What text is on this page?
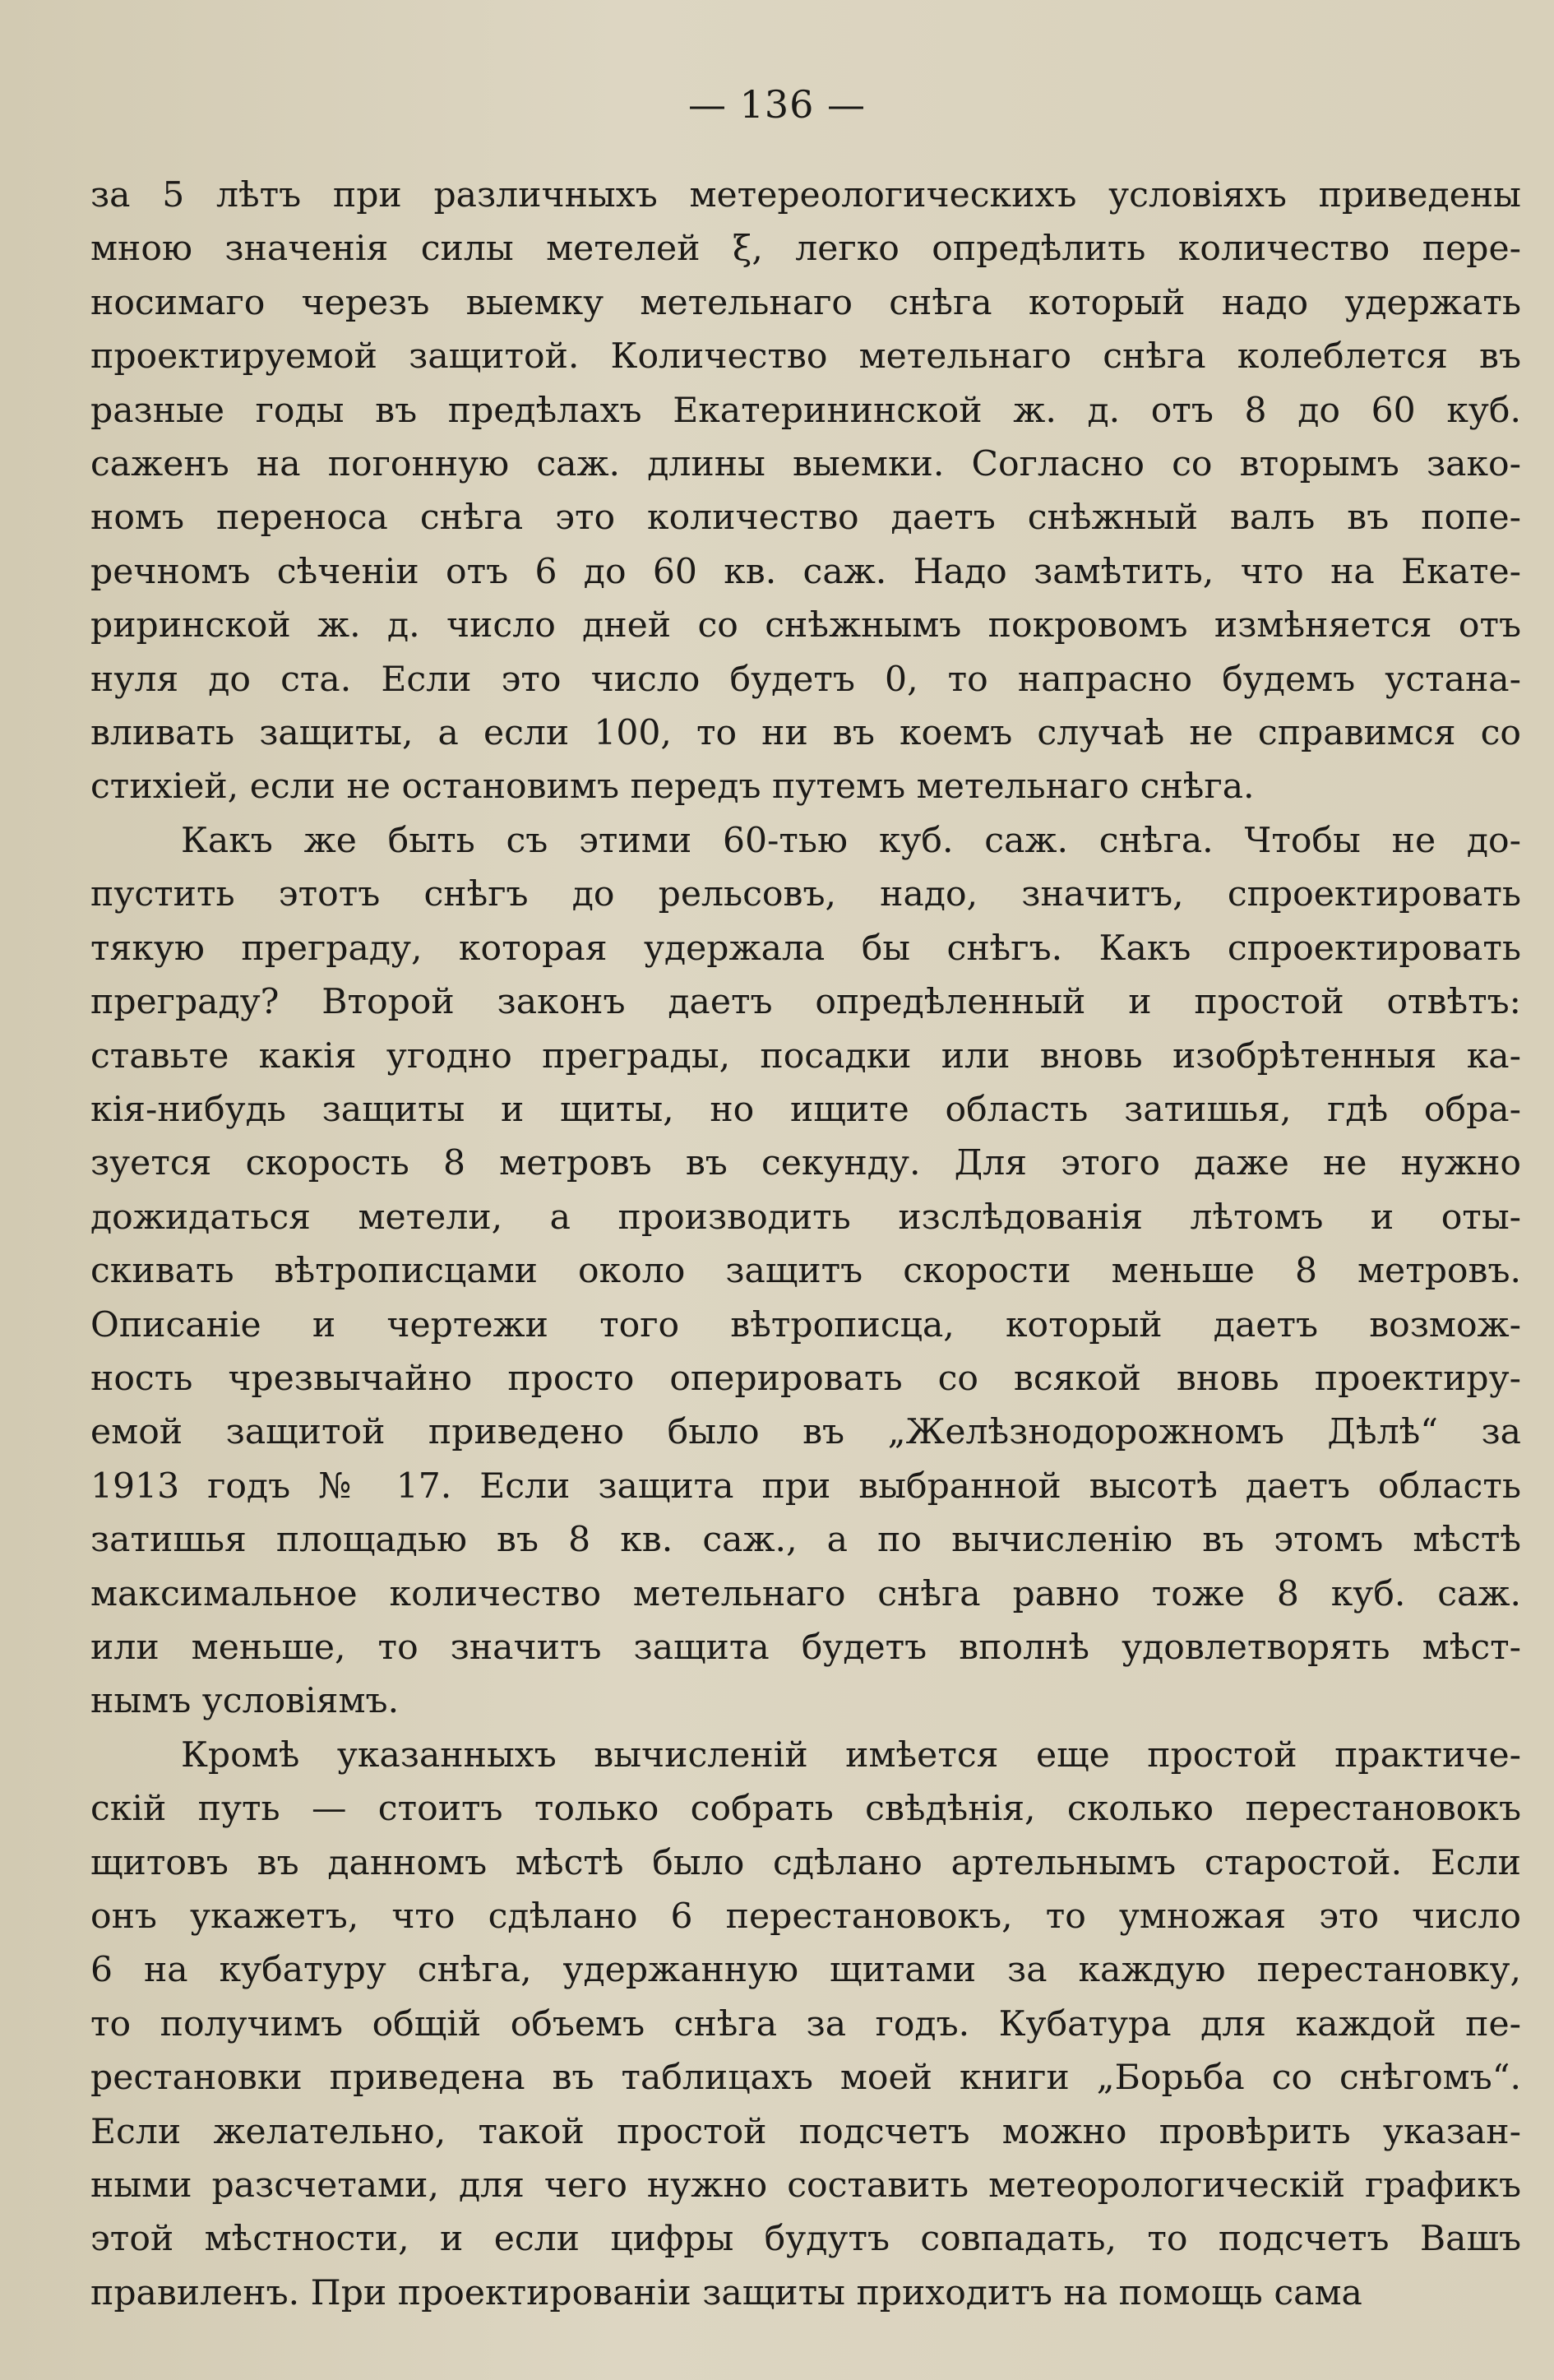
— 136 —
за 5 лѣтъ при различныхъ метереологическихъ условіяхъ приведены
мною значенія силы метелей ξ, легко опредѣлить количество пере-
носимаго черезъ выемку метельнаго снѣга который надо удержать
проектируемой защитой. Количество метельнаго снѣга колеблется въ
разные годы въ предѣлахъ Екатерининской ж. д. отъ 8 до 60 куб.
саженъ на погонную саж. длины выемки. Согласно со вторымъ зако-
номъ переноса снѣга это количество даетъ снѣжный валъ въ попе-
речномъ сѣченіи отъ 6 до 60 кв. саж. Надо замѣтить, что на Екате-
риринской ж. д. число дней со снѣжнымъ покровомъ измѣняется отъ
нуля до ста. Если это число будетъ 0, то напрасно будемъ устана-
вливать защиты, а если 100, то ни въ коемъ случаѣ не справимся со
стихіей, если не остановимъ передъ путемъ метельнаго снѣга.
Какъ же быть съ этими 60-тью куб. саж. снѣга. Чтобы не до-
пустить этотъ снѣгъ до рельсовъ, надо, значитъ, спроектировать
тякую преграду, которая удержала бы снѣгъ. Какъ спроектировать
преграду? Второй законъ даетъ опредѣленный и простой отвѣтъ:
ставьте какія угодно преграды, посадки или вновь изобрѣтенныя ка-
кія-нибудь защиты и щиты, но ищите область затишья, гдѣ обра-
зуется скорость 8 метровъ въ секунду. Для этого даже не нужно
дожидаться метели, а производить изслѣдованія лѣтомъ и оты-
скивать вѣтрописцами около защитъ скорости меньше 8 метровъ.
Описаніе и чертежи того вѣтрописца, который даетъ возмож-
ность чрезвычайно просто оперировать со всякой вновь проектиру-
емой защитой приведено было въ „Желѣзнодорожномъ Дѣлѣ“ за
1913 годъ № 17. Если защита при выбранной высотѣ даетъ область
затишья площадью въ 8 кв. саж., а по вычисленію въ этомъ мѣстѣ
максимальное количество метельнаго снѣга равно тоже 8 куб. саж.
или меньше, то значитъ защита будетъ вполнѣ удовлетворять мѣст-
нымъ условіямъ.
Кромѣ указанныхъ вычисленій имѣется еще простой практиче-
скій путь — стоитъ только собрать свѣдѣнія, сколько перестановокъ
щитовъ въ данномъ мѣстѣ было сдѣлано артельнымъ старостой. Если
онъ укажетъ, что сдѣлано 6 перестановокъ, то умножая это число
6 на кубатуру снѣга, удержанную щитами за каждую перестановку,
то получимъ общій объемъ снѣга за годъ. Кубатура для каждой пе-
рестановки приведена въ таблицахъ моей книги „Борьба со снѣгомъ“.
Если желательно, такой простой подсчетъ можно провѣрить указан-
ными разсчетами, для чего нужно составить метеорологическій графикъ
этой мѣстности, и если цифры будутъ совпадать, то подсчетъ Вашъ
правиленъ. При проектированіи защиты приходитъ на помощь сама
